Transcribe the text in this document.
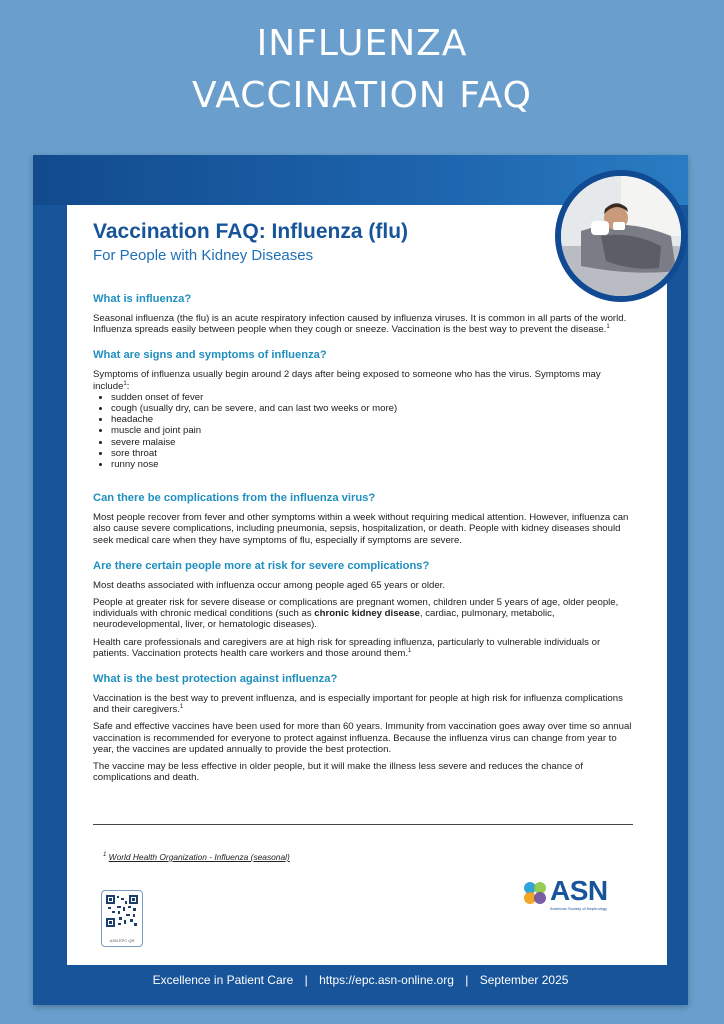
INFLUENZA
VACCINATION FAQ
Vaccination FAQ: Influenza (flu)
For People with Kidney Diseases
What is influenza?

Seasonal influenza (the flu) is an acute respiratory infection caused by influenza viruses. It is common in all parts of the world. Influenza spreads easily between people when they cough or sneeze. Vaccination is the best way to prevent the disease.$^1$

What are signs and symptoms of influenza?

Symptoms of influenza usually begin around 2 days after being exposed to someone who has the virus. Symptoms may include$^1$:

• sudden onset of fever
• cough (usually dry, can be severe, and can last two weeks or more)
• headache
• muscle and joint pain
• severe malaise
• sore throat
• runny nose
Can there be complications from the influenza virus?

Most people recover from fever and other symptoms within a week without requiring medical attention. However, influenza can also cause severe complications, including pneumonia, sepsis, hospitalization, or death. People with kidney diseases should seek medical care when they have symptoms of flu, especially if symptoms are severe.

Are there certain people more at risk for severe complications?

Most deaths associated with influenza occur among people aged 65 years or older.

People at greater risk for severe disease or complications are pregnant women, children under 5 years of age, older people, individuals with chronic medical conditions (such as chronic kidney disease, cardiac, pulmonary, metabolic, neurodevelopmental, liver, or hematologic diseases).

Health care professionals and caregivers are at high risk for spreading influenza, particularly to vulnerable individuals or patients. Vaccination protects health care workers and those around them.$^1$

What is the best protection against influenza?

Vaccination is the best way to prevent influenza, and is especially important for people at high risk for influenza complications and their caregivers.$^1$

Safe and effective vaccines have been used for more than 60 years. Immunity from vaccination goes away over time so annual vaccination is recommended for everyone to protect against influenza. Because the influenza virus can change from year to year, the vaccines are updated annually to provide the best protection.

The vaccine may be less effective in older people, but it will make the illness less severe and reduces the chance of complications and death.

$^1$ World Health Organization - Influenza (seasonal)
ASN EPC QR
ASN
American Society of Nephrology
Excellence in Patient Care | https://epc.asn-online.org | September 2025
